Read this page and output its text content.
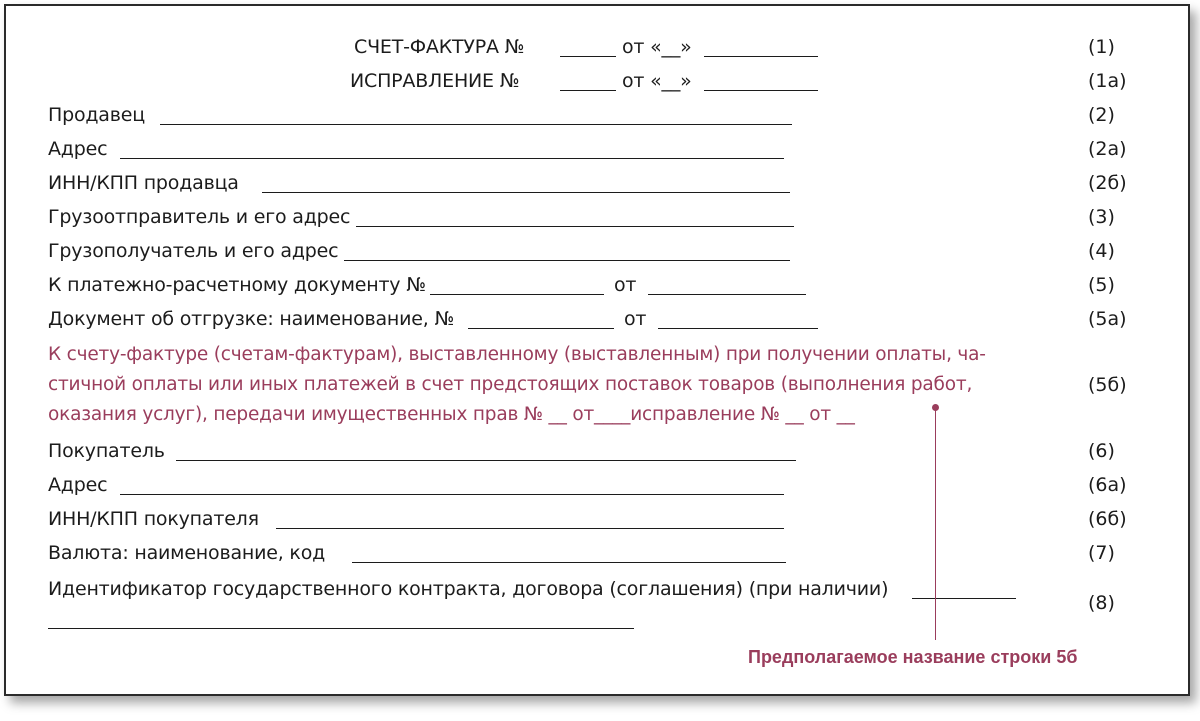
СЧЕТ-ФАКТУРА №	от «__»	(1)
ИСПРАВЛЕНИЕ №	от «__»	(1а)
Продавец	(2)
Адрес	(2а)
ИНН/КПП продавца	(2б)
Грузоотправитель и его адрес	(3)
Грузополучатель и его адрес	(4)
К платежно-расчетному документу №	от	(5)
Документ об отгрузке: наименование, №	от	(5а)
К счету-фактуре (счетам-фактурам), выставленному (выставленным) при получении оплаты, ча-
стичной оплаты или иных платежей в счет предстоящих поставок товаров (выполнения работ,
оказания услуг), передачи имущественных прав № __ от____исправление № __ от __
(5б)
Покупатель	(6)
Адрес	(6а)
ИНН/КПП покупателя	(6б)
Валюта: наименование, код	(7)
Идентификатор государственного контракта, договора (соглашения) (при наличии)
(8)
Предполагаемое название строки 5б
